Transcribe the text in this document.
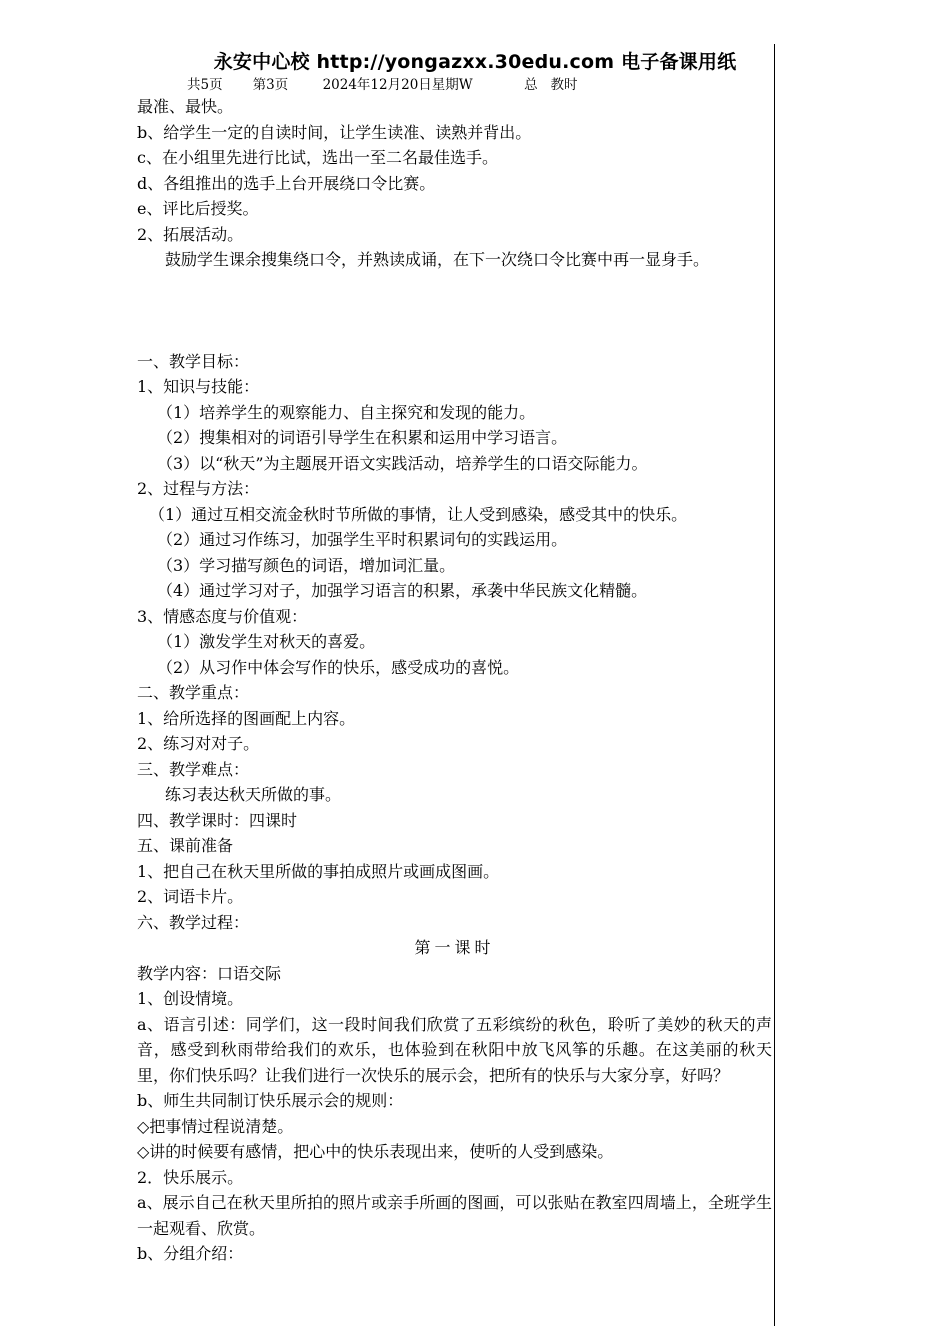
永安中心校 http://yongazxx.30edu.com 电子备课用纸
共5页 第3页	2024年12月20日星期W	总 教时
最准、最快。
b、给学生一定的自读时间，让学生读准、读熟并背出。
c、在小组里先进行比试，选出一至二名最佳选手。
d、各组推出的选手上台开展绕口令比赛。
e、评比后授奖。
2、拓展活动。
鼓励学生课余搜集绕口令，并熟读成诵，在下一次绕口令比赛中再一显身手。
一、教学目标：
1、知识与技能：
（1）培养学生的观察能力、自主探究和发现的能力。
（2）搜集相对的词语引导学生在积累和运用中学习语言。
（3）以“秋天”为主题展开语文实践活动，培养学生的口语交际能力。
2、过程与方法：
（1）通过互相交流金秋时节所做的事情，让人受到感染，感受其中的快乐。
（2）通过习作练习，加强学生平时积累词句的实践运用。
（3）学习描写颜色的词语，增加词汇量。
（4）通过学习对子，加强学习语言的积累，承袭中华民族文化精髓。
3、情感态度与价值观：
（1）激发学生对秋天的喜爱。
（2）从习作中体会写作的快乐，感受成功的喜悦。
二、教学重点：
1、给所选择的图画配上内容。
2、练习对对子。
三、教学难点：
练习表达秋天所做的事。
四、教学课时：四课时
五、课前准备
1、把自己在秋天里所做的事拍成照片或画成图画。
2、词语卡片。
六、教学过程：
第一课时
教学内容：口语交际
1、创设情境。
a、语言引述：同学们，这一段时间我们欣赏了五彩缤纷的秋色，聆听了美妙的秋天的声音，感受到秋雨带给我们的欢乐，也体验到在秋阳中放飞风筝的乐趣。在这美丽的秋天里，你们快乐吗？让我们进行一次快乐的展示会，把所有的快乐与大家分享，好吗？
b、师生共同制订快乐展示会的规则：
◇把事情过程说清楚。
◇讲的时候要有感情，把心中的快乐表现出来，使听的人受到感染。
2．快乐展示。
a、展示自己在秋天里所拍的照片或亲手所画的图画，可以张贴在教室四周墙上，全班学生一起观看、欣赏。
b、分组介绍：
